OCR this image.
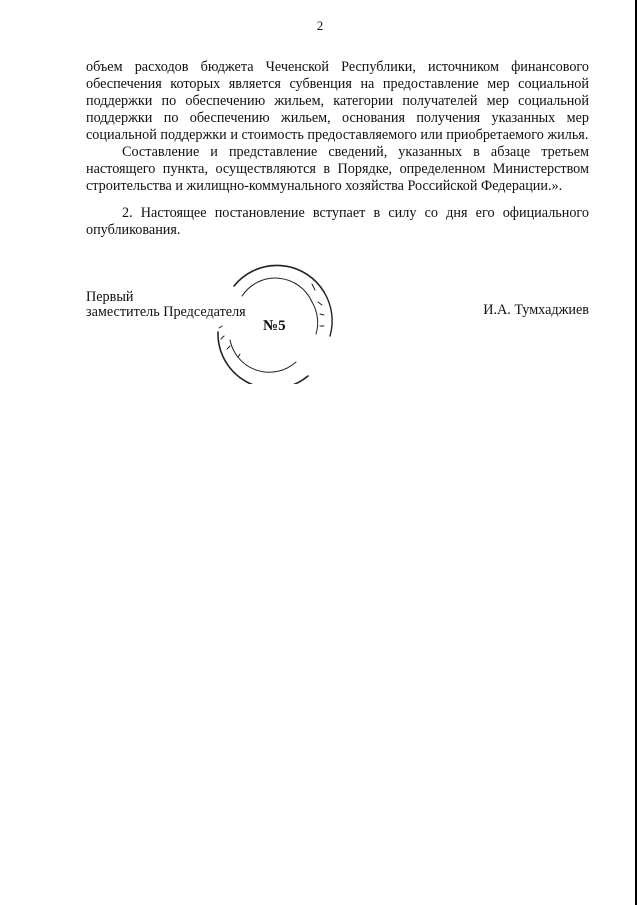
2

объем расходов бюджета Чеченской Республики, источником финансового обеспечения которых является субвенция на предоставление мер социальной поддержки по обеспечению жильем, категории получателей мер социальной поддержки по обеспечению жильем, основания получения указанных мер социальной поддержки и стоимость предоставляемого или приобретаемого жилья.

Составление и представление сведений, указанных в абзаце третьем настоящего пункта, осуществляются в Порядке, определенном Министерством строительства и жилищно-коммунального хозяйства Российской Федерации.».

2. Настоящее постановление вступает в силу со дня его официального опубликования.

№5
Первый
заместитель Председателя	И.А. Тумхаджиев
